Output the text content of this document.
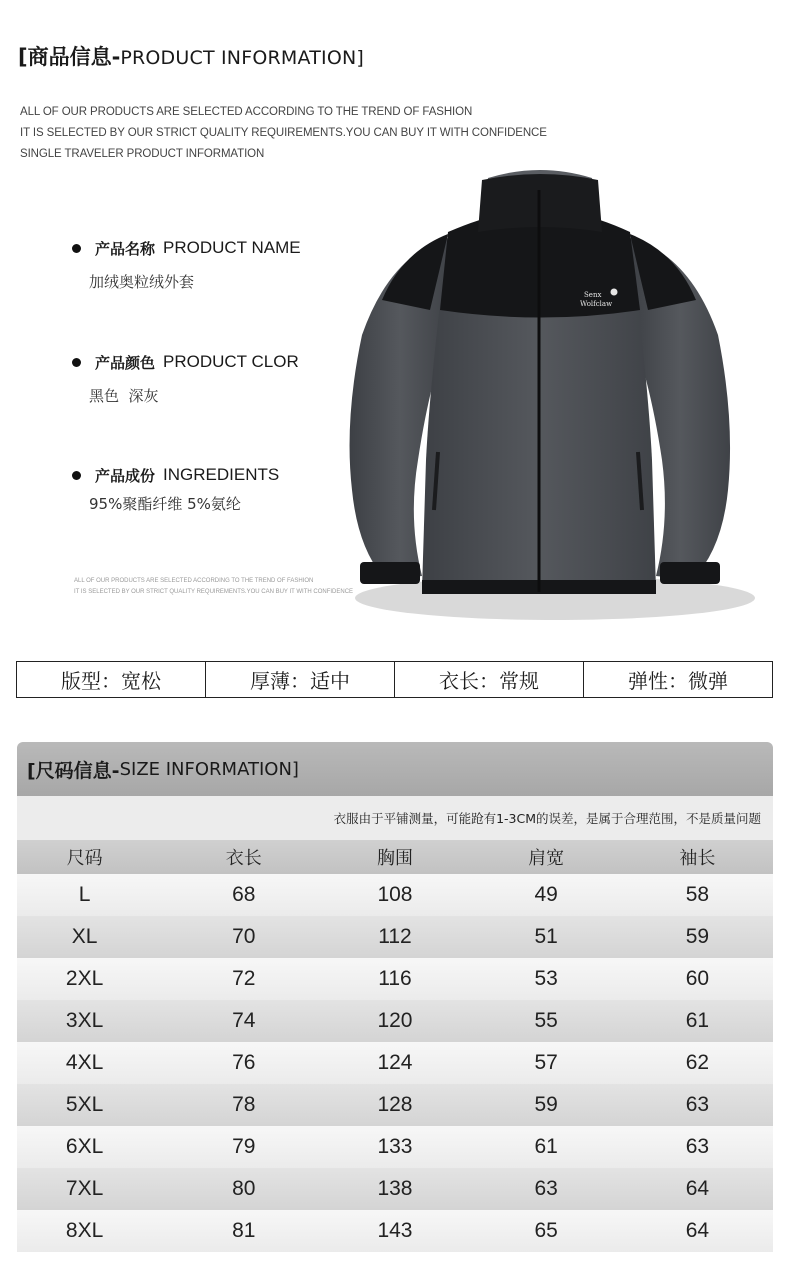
[商品信息-PRODUCT INFORMATION]
ALL OF OUR PRODUCTS ARE SELECTED ACCORDING TO THE TREND OF FASHION
IT IS SELECTED BY OUR STRICT QUALITY REQUIREMENTS.YOU CAN BUY IT WITH CONFIDENCE
SINGLE TRAVELER PRODUCT INFORMATION
产品名称 PRODUCT NAME
加绒奥粒绒外套
产品颜色 PRODUCT CLOR
黑色  深灰
产品成份 INGREDIENTS
95%聚酯纤维 5%氨纶
ALL OF OUR PRODUCTS ARE SELECTED ACCORDING TO THE TREND OF FASHION
IT IS SELECTED BY OUR STRICT QUALITY REQUIREMENTS.YOU CAN BUY IT WITH CONFIDENCE
Senx
Wolfclaw
版型：宽松	厚薄：适中	衣长：常规	弹性：微弹
[尺码信息- SIZE INFORMATION]
衣服由于平铺测量，可能跄有1-3CM的误差，是属于合理范围，不是质量问题
尺码	衣长	胸围	肩宽	袖长
L	68	108	49	58
XL	70	112	51	59
2XL	72	116	53	60
3XL	74	120	55	61
4XL	76	124	57	62
5XL	78	128	59	63
6XL	79	133	61	63
7XL	80	138	63	64
8XL	81	143	65	64
